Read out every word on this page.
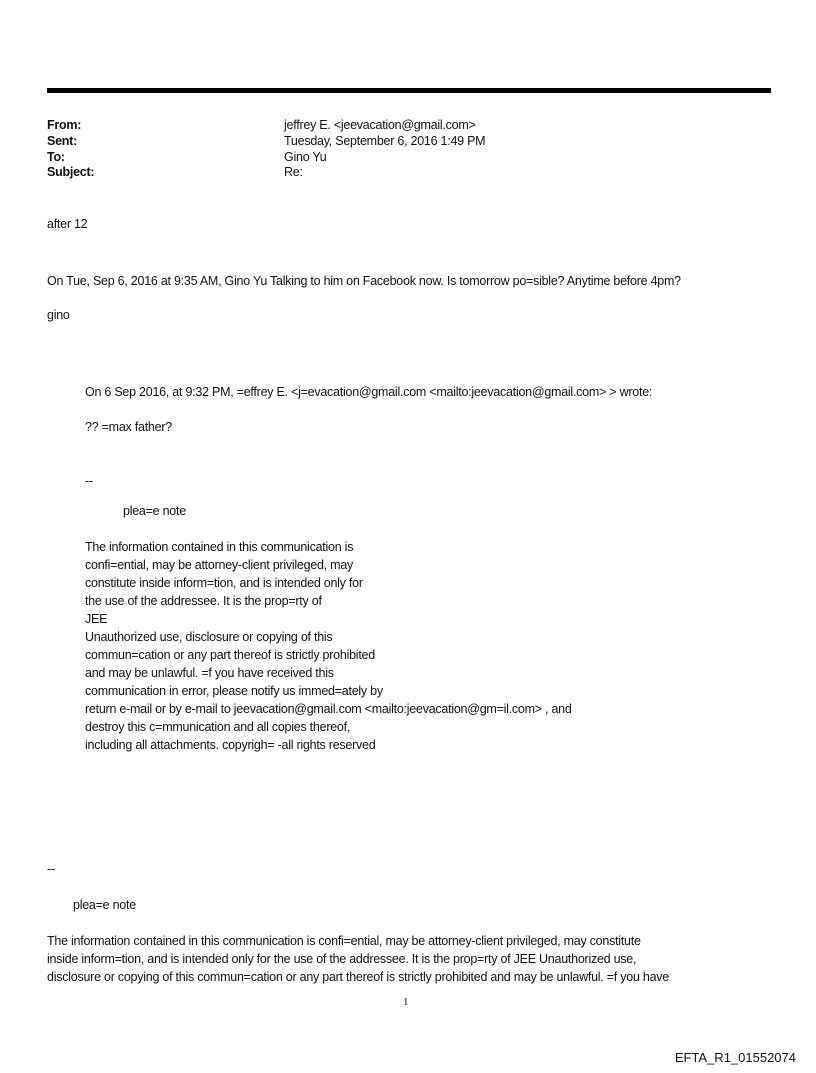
From:	jeffrey E. <jeevacation@gmail.com>
Sent:	Tuesday, September 6, 2016 1:49 PM
To:	Gino Yu
Subject:	Re:
after 12
On Tue, Sep 6, 2016 at 9:35 AM, Gino Yu Talking to him on Facebook now. Is tomorrow po=sible? Anytime before 4pm?
gino
On 6 Sep 2016, at 9:32 PM, =effrey E. <j=evacation@gmail.com <mailto:jeevacation@gmail.com> > wrote:
?? =max father?
--
plea=e note
The information contained in this communication is
confi=ential, may be attorney-client privileged, may
constitute inside inform=tion, and is intended only for
the use of the addressee. It is the prop=rty of
JEE
Unauthorized use, disclosure or copying of this
commun=cation or any part thereof is strictly prohibited
and may be unlawful. =f you have received this
communication in error, please notify us immed=ately by
return e-mail or by e-mail to jeevacation@gmail.com <mailto:jeevacation@gm=il.com> , and
destroy this c=mmunication and all copies thereof,
including all attachments. copyrigh= -all rights reserved
--
plea=e note
The information contained in this communication is confi=ential, may be attorney-client privileged, may constitute
inside inform=tion, and is intended only for the use of the addressee. It is the prop=rty of JEE Unauthorized use,
disclosure or copying of this commun=cation or any part thereof is strictly prohibited and may be unlawful. =f you have
1
EFTA_R1_01552074
